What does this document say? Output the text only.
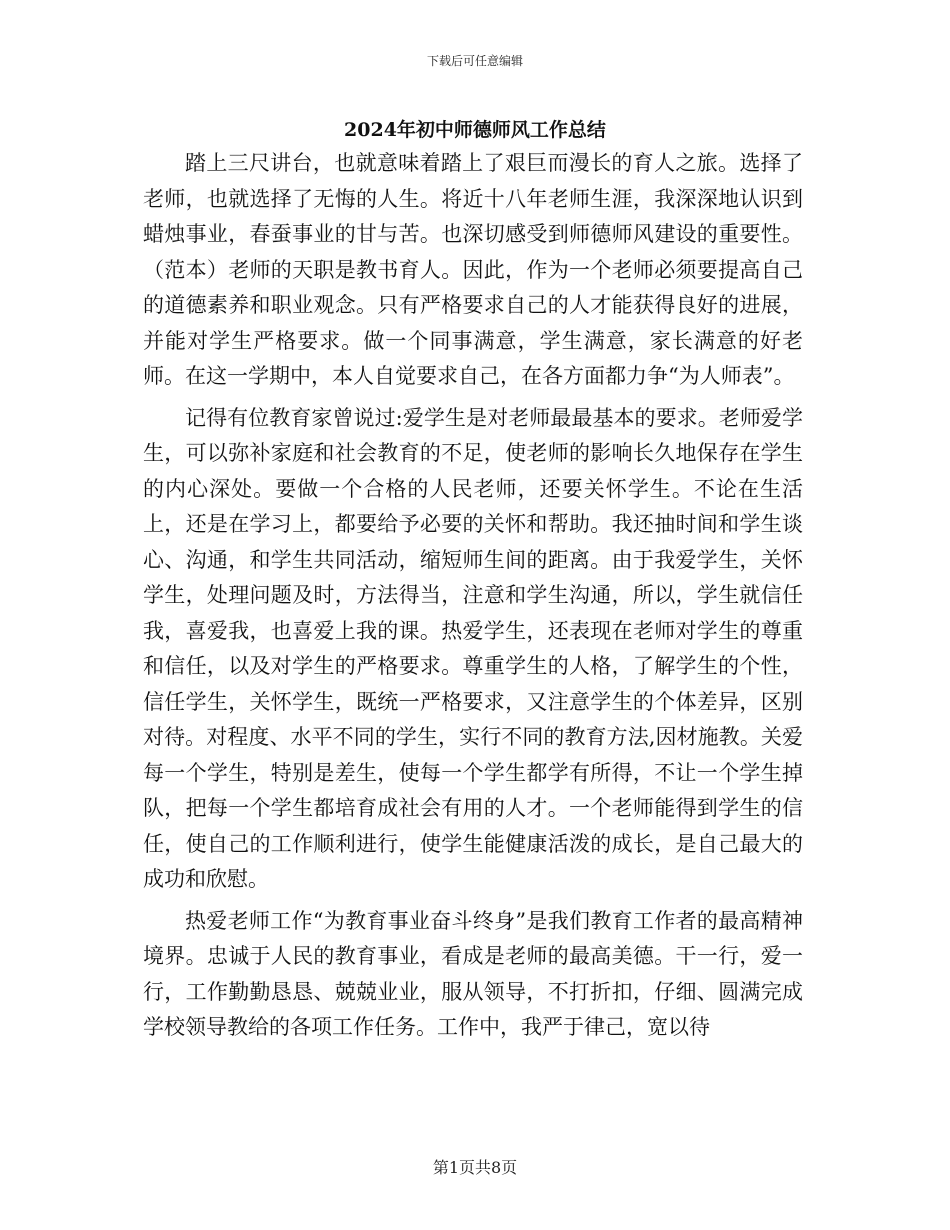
下载后可任意编辑
2024年初中师德师风工作总结

踏上三尺讲台，也就意味着踏上了艰巨而漫长的育人之旅。选择了老师，也就选择了无悔的人生。将近十八年老师生涯，我深深地认识到蜡烛事业，春蚕事业的甘与苦。也深切感受到师德师风建设的重要性。（范本）老师的天职是教书育人。因此，作为一个老师必须要提高自己的道德素养和职业观念。只有严格要求自己的人才能获得良好的进展，并能对学生严格要求。做一个同事满意，学生满意，家长满意的好老师。在这一学期中，本人自觉要求自己，在各方面都力争“为人师表”。

记得有位教育家曾说过:爱学生是对老师最最基本的要求。老师爱学生，可以弥补家庭和社会教育的不足，使老师的影响长久地保存在学生的内心深处。要做一个合格的人民老师，还要关怀学生。不论在生活上，还是在学习上，都要给予必要的关怀和帮助。我还抽时间和学生谈心、沟通，和学生共同活动，缩短师生间的距离。由于我爱学生，关怀学生，处理问题及时，方法得当，注意和学生沟通，所以，学生就信任我，喜爱我，也喜爱上我的课。热爱学生，还表现在老师对学生的尊重和信任，以及对学生的严格要求。尊重学生的人格，了解学生的个性，信任学生，关怀学生，既统一严格要求，又注意学生的个体差异，区别对待。对程度、水平不同的学生，实行不同的教育方法,因材施教。关爱每一个学生，特别是差生，使每一个学生都学有所得，不让一个学生掉队，把每一个学生都培育成社会有用的人才。一个老师能得到学生的信任，使自己的工作顺利进行，使学生能健康活泼的成长，是自己最大的成功和欣慰。

热爱老师工作“为教育事业奋斗终身”是我们教育工作者的最高精神境界。忠诚于人民的教育事业，看成是老师的最高美德。干一行，爱一行，工作勤勤恳恳、兢兢业业，服从领导，不打折扣，仔细、圆满完成学校领导教给的各项工作任务。工作中，我严于律己，宽以待

第1页共8页
